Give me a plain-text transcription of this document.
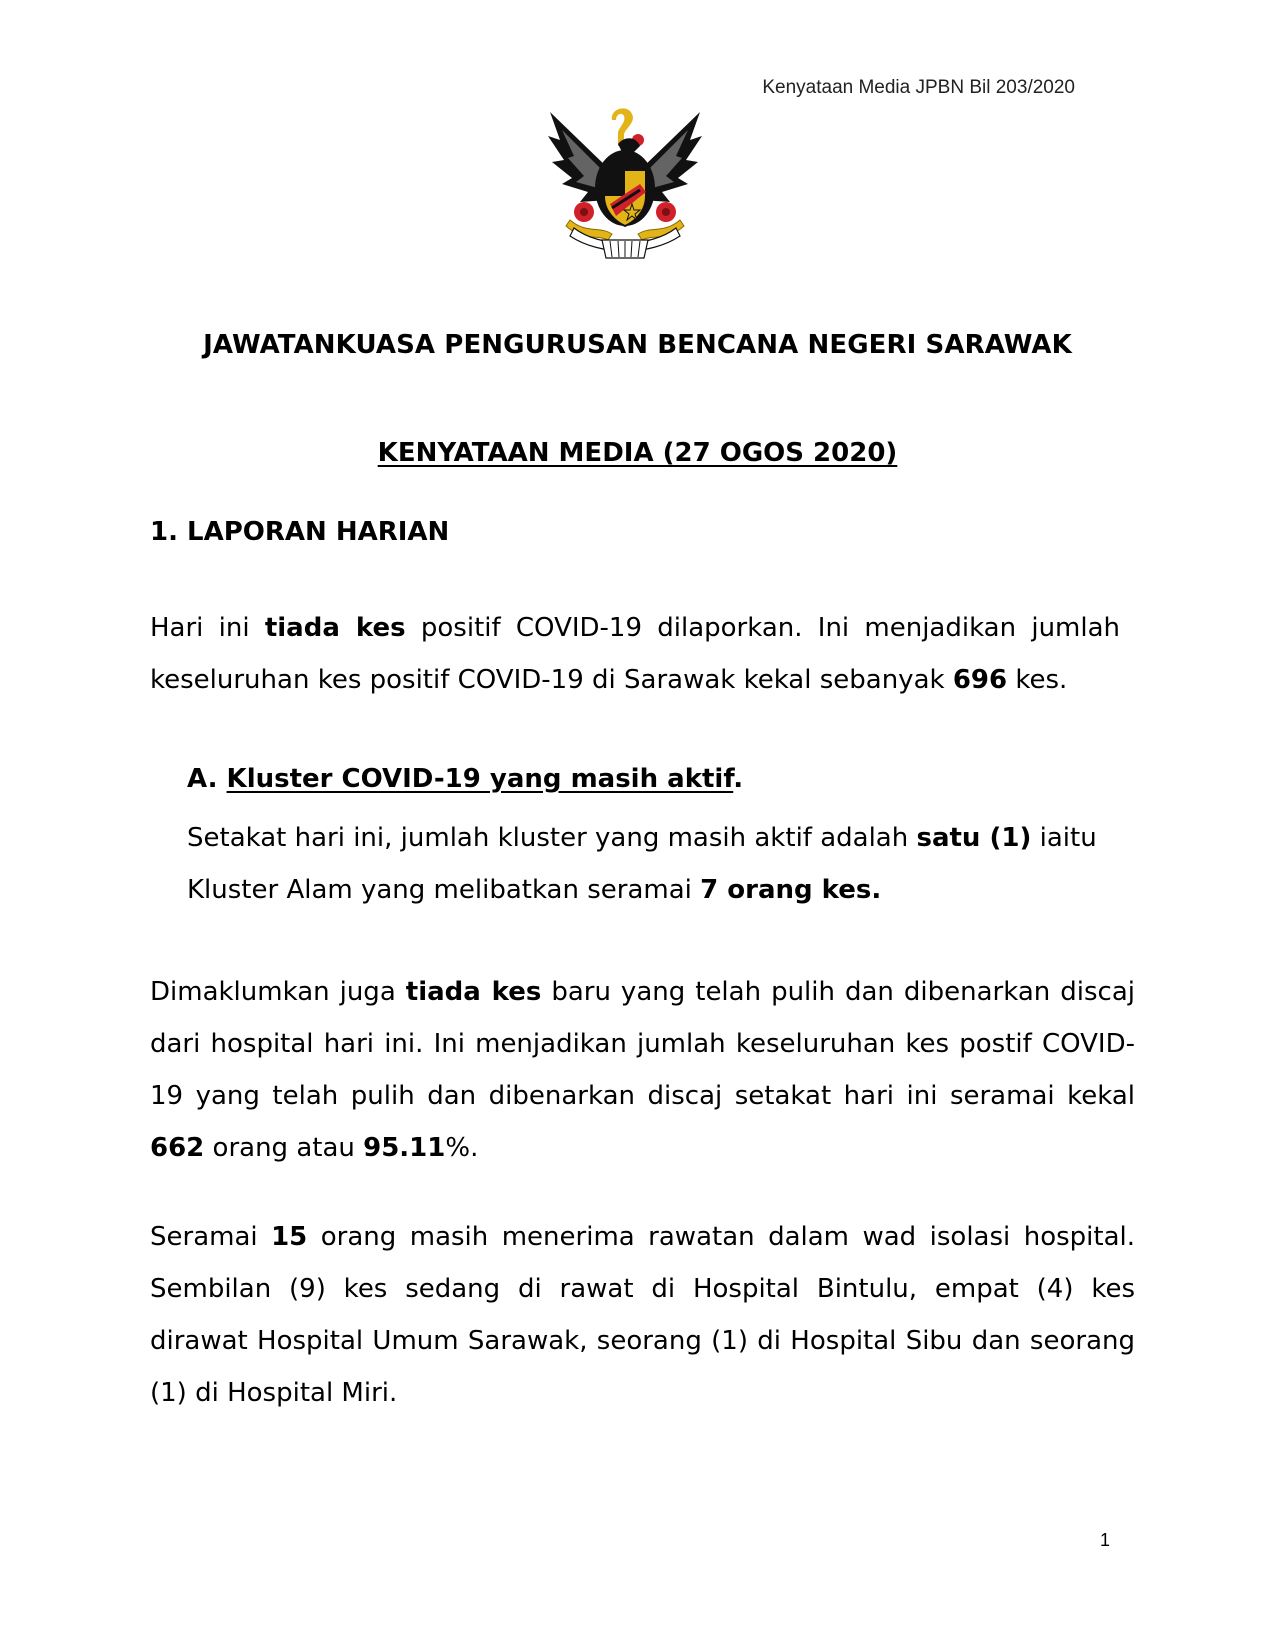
Kenyataan Media JPBN Bil 203/2020
JAWATANKUASA PENGURUSAN BENCANA NEGERI SARAWAK
KENYATAAN MEDIA (27 OGOS 2020)
1. LAPORAN HARIAN
Hari ini tiada kes positif COVID-19 dilaporkan. Ini menjadikan jumlah keseluruhan kes positif COVID-19 di Sarawak kekal sebanyak 696 kes.
A. Kluster COVID-19 yang masih aktif.
Setakat hari ini, jumlah kluster yang masih aktif adalah satu (1) iaitu Kluster Alam yang melibatkan seramai 7 orang kes.
Dimaklumkan juga tiada kes baru yang telah pulih dan dibenarkan discaj dari hospital hari ini. Ini menjadikan jumlah keseluruhan kes postif COVID-19 yang telah pulih dan dibenarkan discaj setakat hari ini seramai kekal 662 orang atau 95.11%.
Seramai 15 orang masih menerima rawatan dalam wad isolasi hospital. Sembilan (9) kes sedang di rawat di Hospital Bintulu, empat (4) kes dirawat Hospital Umum Sarawak, seorang (1) di Hospital Sibu dan seorang (1) di Hospital Miri.
1
